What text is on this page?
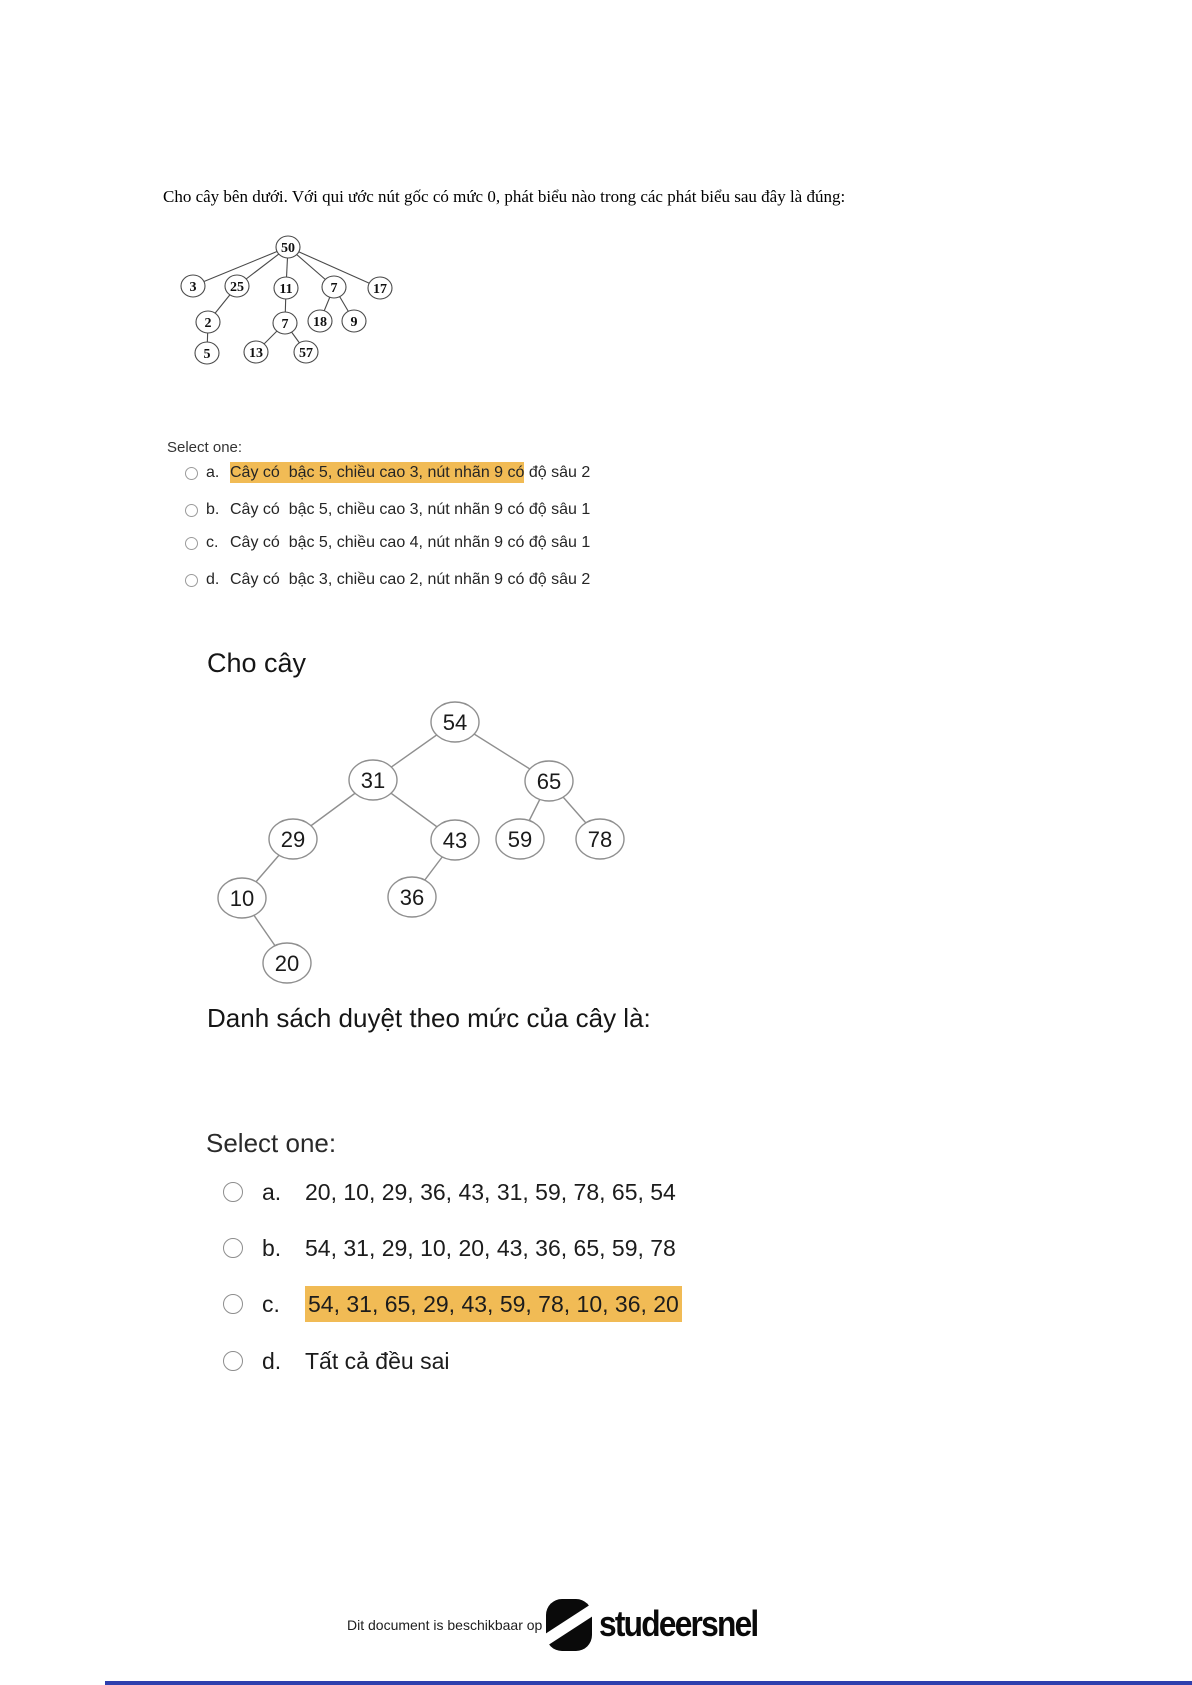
Cho cây bên dưới. Với qui ước nút gốc có mức 0, phát biểu nào trong các phát biểu sau đây là đúng:
50
3 25	11	7	17
2	7 18 9
5	13	57
Select one:
a. Cây có  bậc 5, chiều cao 3, nút nhãn 9 có độ sâu 2
b. Cây có  bậc 5, chiều cao 3, nút nhãn 9 có độ sâu 1
c. Cây có  bậc 5, chiều cao 4, nút nhãn 9 có độ sâu 1
d. Cây có  bậc 3, chiều cao 2, nút nhãn 9 có độ sâu 2
Cho cây
54
31	65
29	43 59	78
10	36
20
Danh sách duyệt theo mức của cây là:
Select one:
a.	20, 10, 29, 36, 43, 31, 59, 78, 65, 54
b.	54, 31, 29, 10, 20, 43, 36, 65, 59, 78
c.	54, 31, 65, 29, 43, 59, 78, 10, 36, 20
d.	Tất cả đều sai
Dit document is beschikbaar op studeersnel
